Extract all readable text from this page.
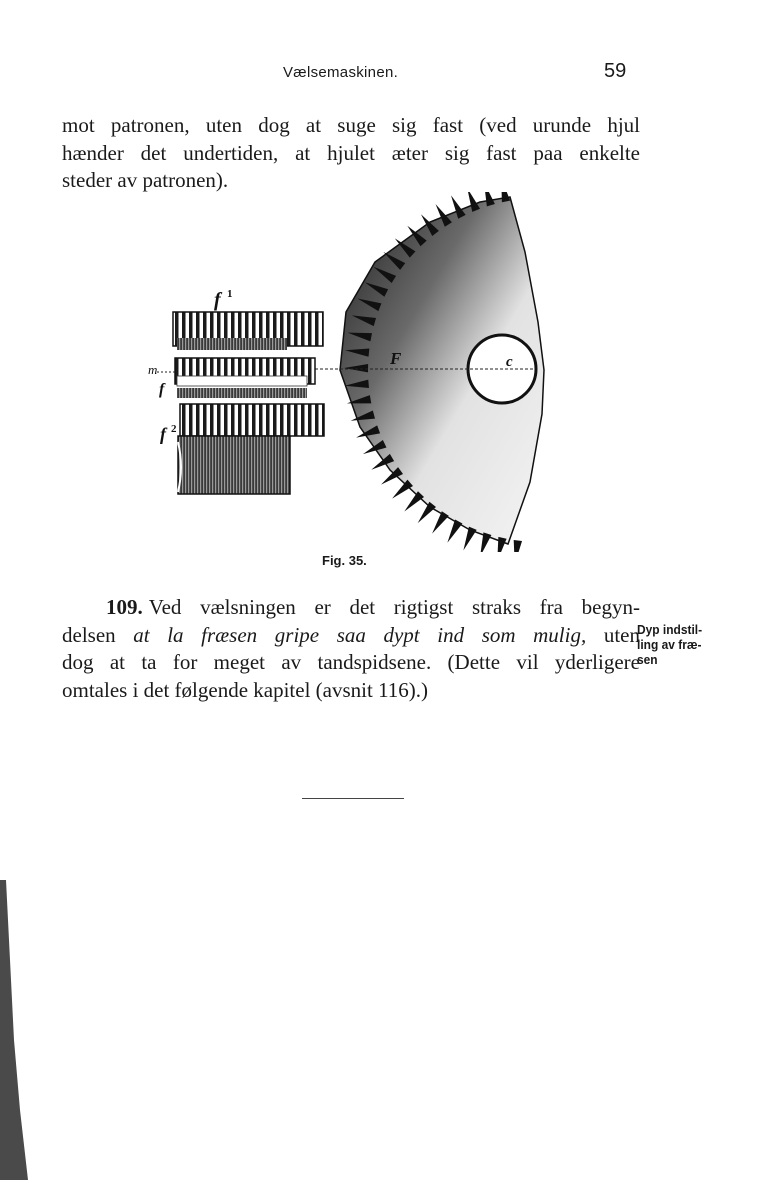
Vælsemaskinen.	59
mot patronen, uten dog at suge sig fast (ved urunde hjul
hænder det undertiden, at hjulet æter sig fast paa enkelte
steder av patronen).
F	c
f 1
m
f
f 2
Fig. 35.
109. Ved vælsningen er det rigtigst straks fra begyn-
delsen at la fræsen gripe saa dypt ind som mulig, uten
dog at ta for meget av tandspidsene. (Dette vil yderligere
omtales i det følgende kapitel (avsnit 116).)
Dyp indstil-
ling av fræ-
sen
